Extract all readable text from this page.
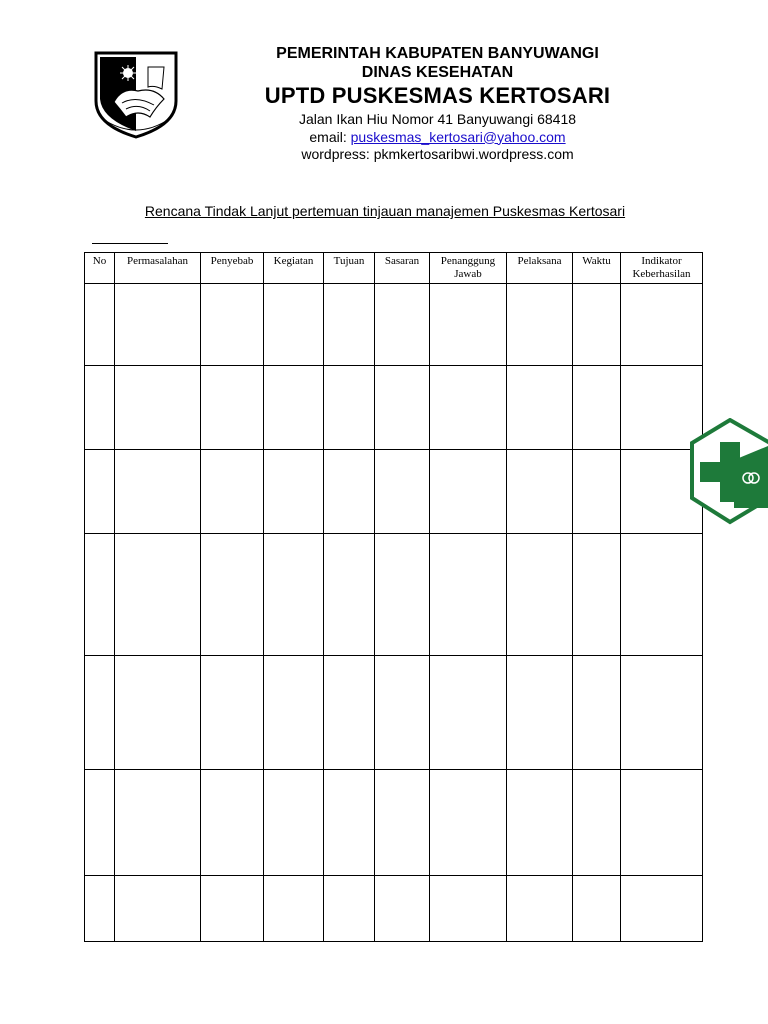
PEMERINTAH KABUPATEN BANYUWANGI
DINAS KESEHATAN
UPTD PUSKESMAS KERTOSARI
Jalan Ikan Hiu Nomor 41 Banyuwangi 68418
email: puskesmas_kertosari@yahoo.com
wordpress: pkmkertosaribwi.wordpress.com
Rencana Tindak Lanjut pertemuan tinjauan manajemen Puskesmas Kertosari
No	Permasalahan	Penyebab	Kegiatan	Tujuan	Sasaran	Penanggung Jawab	Pelaksana	Waktu	Indikator Keberhasilan
